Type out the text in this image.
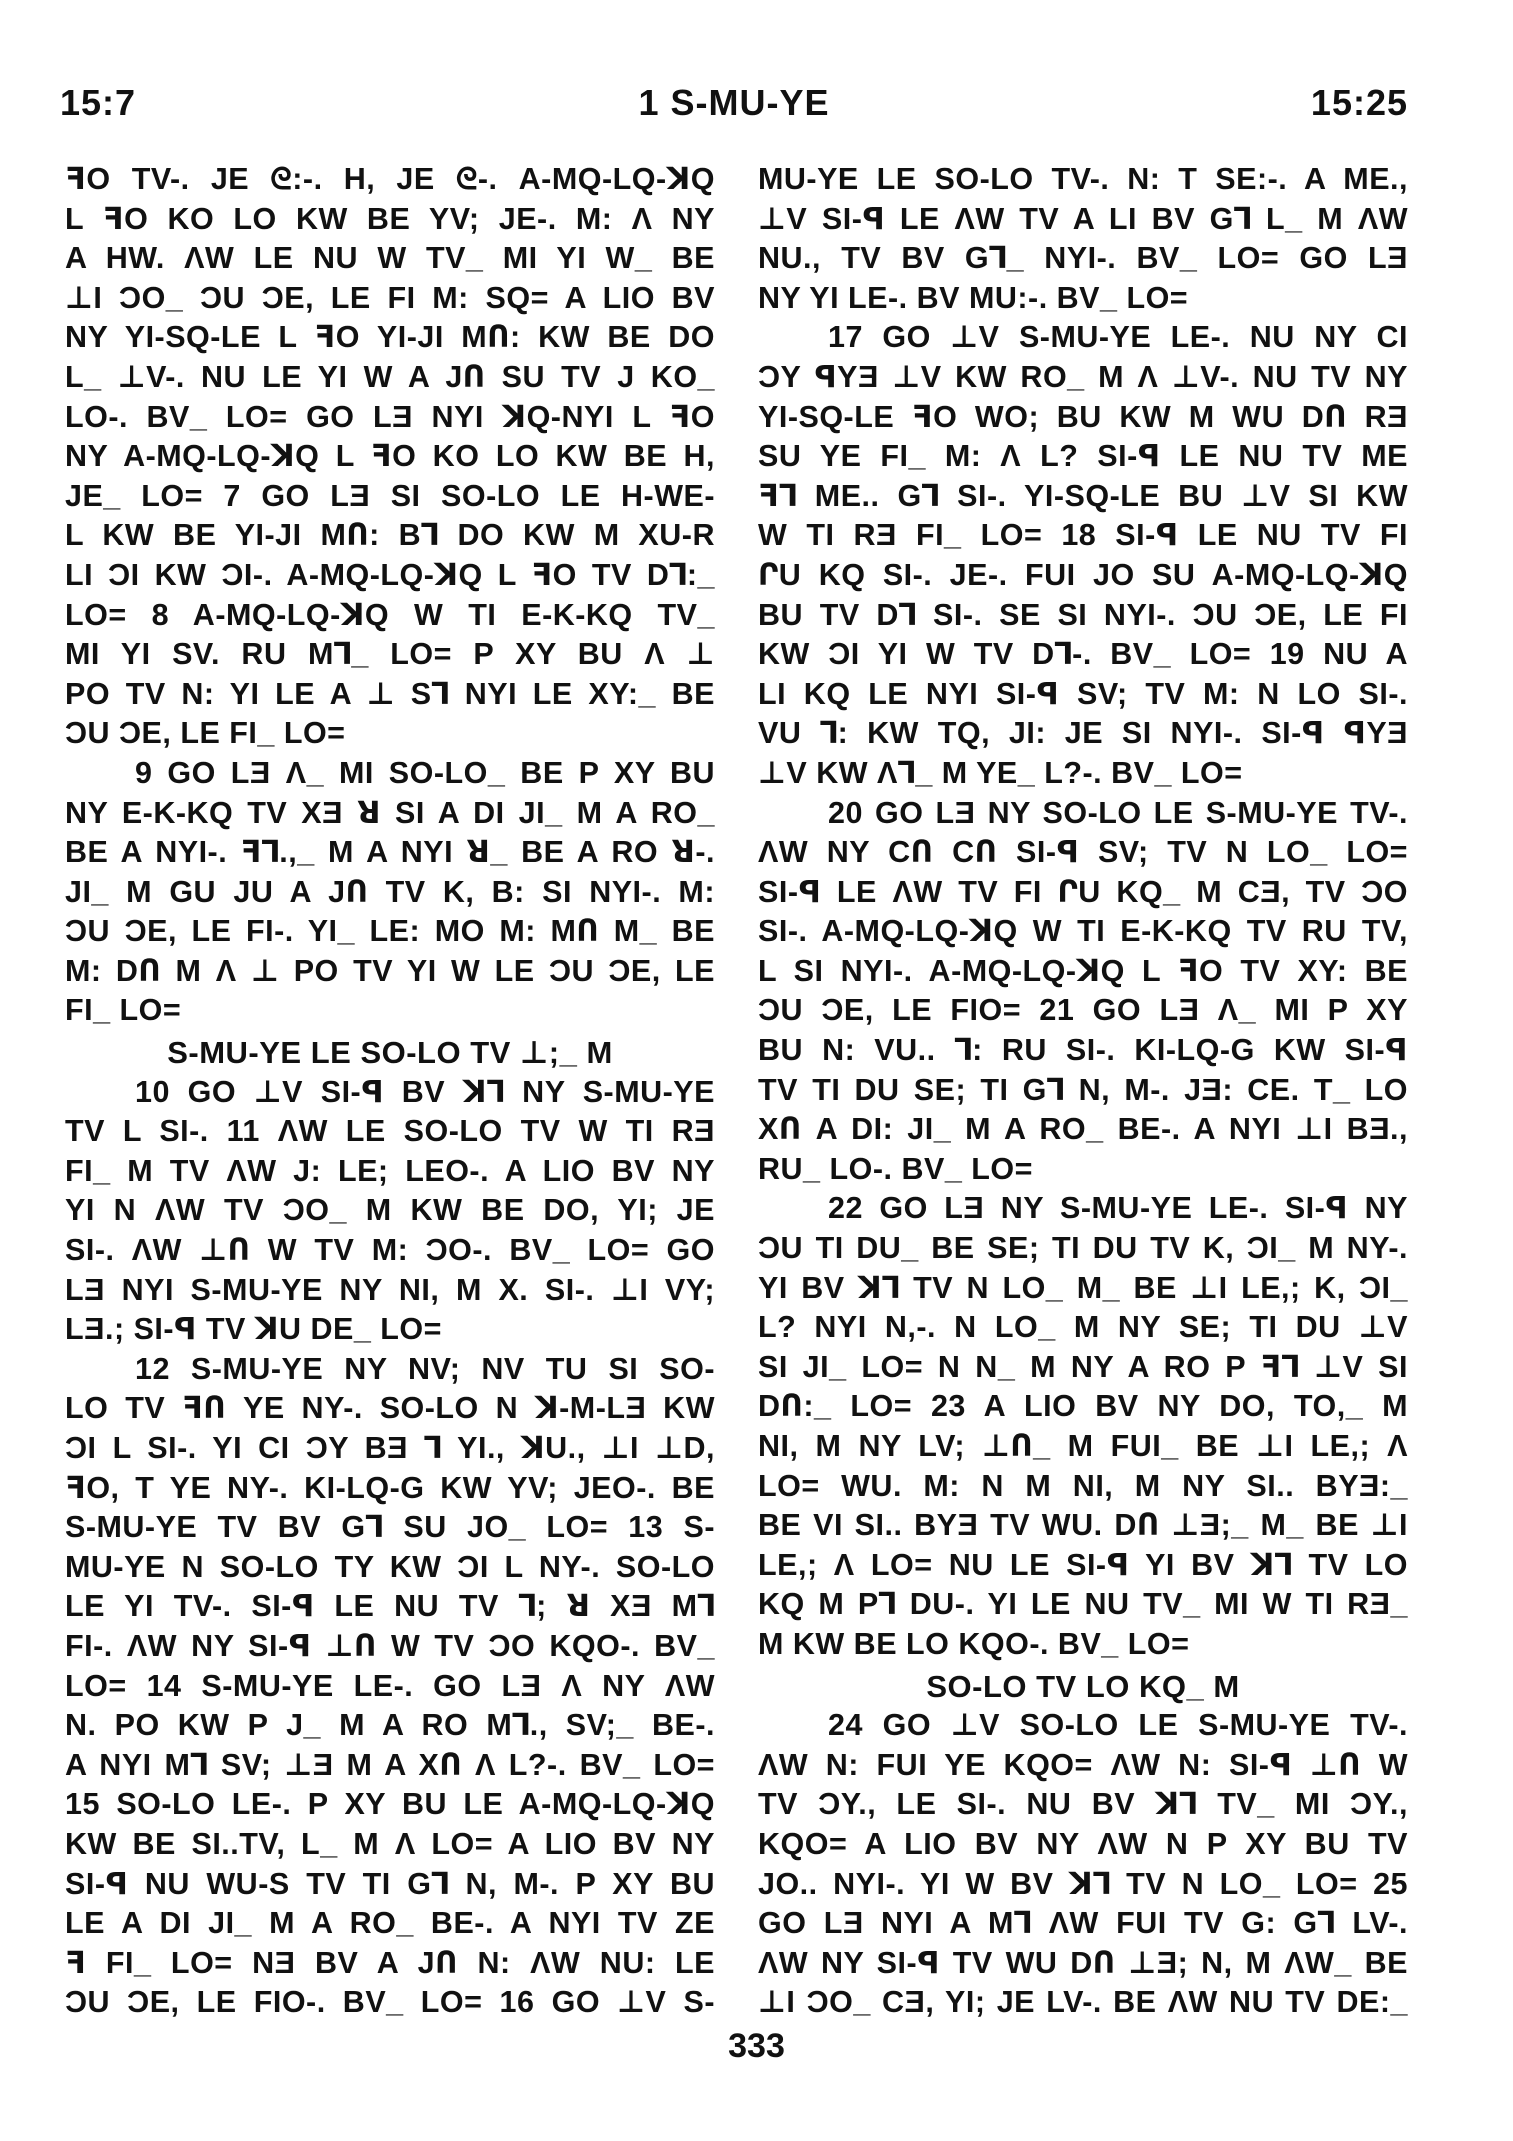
15:7	1 S-MU-YE	15:25

ꟻO TV-. JE ᘓ:-. H, JE ᘓ-. A-MQ-LQ-ꓘQ

L ꟻO KO LO KW BE YV; JE-. M: Λ NY

A HW. ΛW LE NU W TV_ MI YI W_ BE

⊥I ƆO_ ƆU ƆE, LE FI M: SQ= A LIO BV

NY YI-SQ-LE L ꟻO YI-JI MՈ: KW BE DO

L_ ⊥V-. NU LE YI W A JՈ SU TV J KO_

LO-. BV_ LO= GO LƎ NYI ꓘQ-NYI L ꟻO

NY A-MQ-LQ-ꓘQ L ꟻO KO LO KW BE H,

JE_ LO= 7 GO LƎ SI SO-LO LE H-WE-

L KW BE YI-JI MՈ: B⅂ DO KW M XU-R

LI ƆI KW ƆI-. A-MQ-LQ-ꓘQ L ꟻO TV D⅂:_

LO= 8 A-MQ-LQ-ꓘQ W TI E-K-KQ TV_

MI YI SV. RU M⅂_ LO= P XY BU Λ ⊥

PO TV N: YI LE A ⊥ S⅂ NYI LE XY:_ BE

ƆU ƆE, LE FI_ LO=

9 GO LƎ Λ_ MI SO-LO_ BE P XY BU

NY E-K-KQ TV XƎ ꓤ SI A DI JI_ M A RO_

BE A NYI-. ꟻ⅂.,_ M A NYI ꓤ_ BE A RO ꓤ-.

JI_ M GU JU A JՈ TV K, B: SI NYI-. M:

ƆU ƆE, LE FI-. YI_ LE: MO M: MՈ M_ BE

M: DՈ M Λ ⊥ PO TV YI W LE ƆU ƆE, LE

FI_ LO=

S-MU-YE LE SO-LO TV ⊥;_ M

10 GO ⊥V SI-ꟼ BV ꓘ⅂ NY S-MU-YE

TV L SI-. 11 ΛW LE SO-LO TV W TI RƎ

FI_ M TV ΛW J: LE; LEO-. A LIO BV NY

YI N ΛW TV ƆO_ M KW BE DO, YI; JE

SI-. ΛW ⊥Ո W TV M: ƆO-. BV_ LO= GO

LƎ NYI S-MU-YE NY NI, M X. SI-. ⊥I VY;

LƎ.; SI-ꟼ TV ꓘU DE_ LO=

12 S-MU-YE NY NV; NV TU SI SO-

LO TV ꟻՈ YE NY-. SO-LO N ꓘ-M-LƎ KW

ƆI L SI-. YI CI ƆY BƎ ⅂ YI., ꓘU., ⊥I ⊥D,

ꟻO, T YE NY-. KI-LQ-G KW YV; JEO-. BE

S-MU-YE TV BV G⅂ SU JO_ LO= 13 S-

MU-YE N SO-LO TY KW ƆI L NY-. SO-LO

LE YI TV-. SI-ꟼ LE NU TV ⅂; ꓤ XƎ M⅂

FI-. ΛW NY SI-ꟼ ⊥Ո W TV ƆO KQO-. BV_

LO= 14 S-MU-YE LE-. GO LƎ Λ NY ΛW

N. PO KW P J_ M A RO M⅂., SV;_ BE-.

A NYI M⅂ SV; ⊥Ǝ M A XՈ Λ L?-. BV_ LO=

15 SO-LO LE-. P XY BU LE A-MQ-LQ-ꓘQ

KW BE SI..TV, L_ M Λ LO= A LIO BV NY

SI-ꟼ NU WU-S TV TI G⅂ N, M-. P XY BU

LE A DI JI_ M A RO_ BE-. A NYI TV ZE

ꟻ FI_ LO= NƎ BV A JՈ N: ΛW NU: LE

ƆU ƆE, LE FIO-. BV_ LO= 16 GO ⊥V S-

MU-YE LE SO-LO TV-. N: T SE:-. A ME.,

⊥V SI-ꟼ LE ΛW TV A LI BV G⅂ L_ M ΛW

NU., TV BV G⅂_ NYI-. BV_ LO= GO LƎ

NY YI LE-. BV MU:-. BV_ LO=

17 GO ⊥V S-MU-YE LE-. NU NY CI

ƆY ꟼYƎ ⊥V KW RO_ M Λ ⊥V-. NU TV NY

YI-SQ-LE ꟻO WO; BU KW M WU DՈ RƎ

SU YE FI_ M: Λ L? SI-ꟼ LE NU TV ME

ꟻ⅂ ME.. G⅂ SI-. YI-SQ-LE BU ⊥V SI KW

W TI RƎ FI_ LO= 18 SI-ꟼ LE NU TV FI

ՐU KQ SI-. JE-. FUI JO SU A-MQ-LQ-ꓘQ

BU TV D⅂ SI-. SE SI NYI-. ƆU ƆE, LE FI

KW ƆI YI W TV D⅂-. BV_ LO= 19 NU A

LI KQ LE NYI SI-ꟼ SV; TV M: N LO SI-.

VU ⅂: KW TQ, JI: JE SI NYI-. SI-ꟼ ꟼYƎ

⊥V KW Λ⅂_ M YE_ L?-. BV_ LO=

20 GO LƎ NY SO-LO LE S-MU-YE TV-.

ΛW NY CՈ CՈ SI-ꟼ SV; TV N LO_ LO=

SI-ꟼ LE ΛW TV FI ՐU KQ_ M CƎ, TV ƆO

SI-. A-MQ-LQ-ꓘQ W TI E-K-KQ TV RU TV,

L SI NYI-. A-MQ-LQ-ꓘQ L ꟻO TV XY: BE

ƆU ƆE, LE FIO= 21 GO LƎ Λ_ MI P XY

BU N: VU.. ⅂: RU SI-. KI-LQ-G KW SI-ꟼ

TV TI DU SE; TI G⅂ N, M-. JƎ: CE. T_ LO

XՈ A DI: JI_ M A RO_ BE-. A NYI ⊥I BƎ.,

RU_ LO-. BV_ LO=

22 GO LƎ NY S-MU-YE LE-. SI-ꟼ NY

ƆU TI DU_ BE SE; TI DU TV K, ƆI_ M NY-.

YI BV ꓘ⅂ TV N LO_ M_ BE ⊥I LE,; K, ƆI_

L? NYI N,-. N LO_ M NY SE; TI DU ⊥V

SI JI_ LO= N N_ M NY A RO P ꟻ⅂ ⊥V SI

DՈ:_ LO= 23 A LIO BV NY DO, TO,_ M

NI, M NY LV; ⊥Ո_ M FUI_ BE ⊥I LE,; Λ

LO= WU. M: N M NI, M NY SI.. BYƎ:_

BE VI SI.. BYƎ TV WU. DՈ ⊥Ǝ;_ M_ BE ⊥I

LE,; Λ LO= NU LE SI-ꟼ YI BV ꓘ⅂ TV LO

KQ M P⅂ DU-. YI LE NU TV_ MI W TI RƎ_

M KW BE LO KQO-. BV_ LO=

SO-LO TV LO KQ_ M

24 GO ⊥V SO-LO LE S-MU-YE TV-.

ΛW N: FUI YE KQO= ΛW N: SI-ꟼ ⊥Ո W

TV ƆY., LE SI-. NU BV ꓘ⅂ TV_ MI ƆY.,

KQO= A LIO BV NY ΛW N P XY BU TV

JO.. NYI-. YI W BV ꓘ⅂ TV N LO_ LO= 25

GO LƎ NYI A M⅂ ΛW FUI TV G: G⅂ LV-.

ΛW NY SI-ꟼ TV WU DՈ ⊥Ǝ; N, M ΛW_ BE

⊥I ƆO_ CƎ, YI; JE LV-. BE ΛW NU TV DE:_

333
